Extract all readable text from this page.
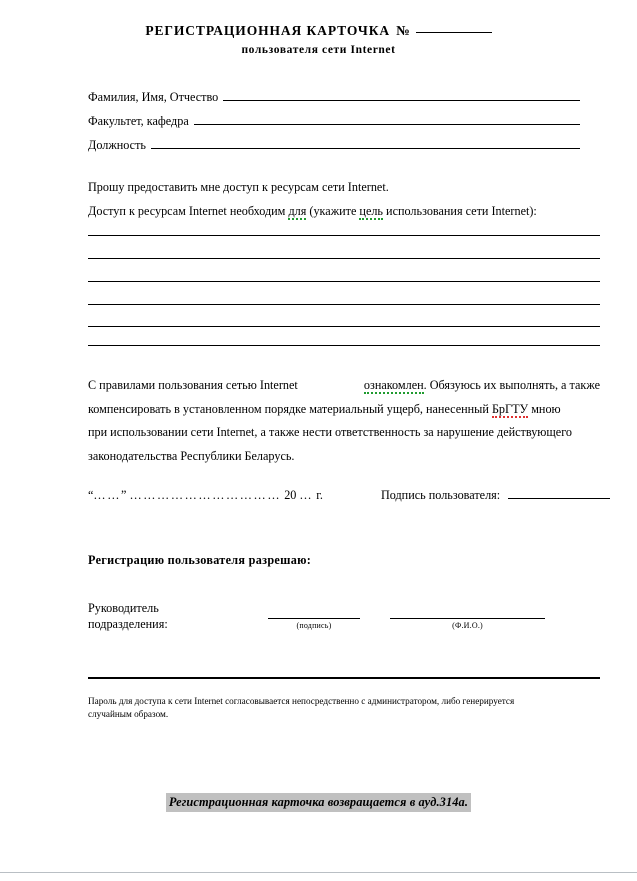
РЕГИСТРАЦИОННАЯ КАРТОЧКА №
пользователя сети Internet
Фамилия, Имя, Отчество
Факультет, кафедра
Должность
Прошу предоставить мне доступ к ресурсам сети Internet.
Доступ к ресурсам Internet необходим для (укажите цель использования сети Internet):
С правилами пользования сетью Internet	ознакомлен. Обязуюсь их выполнять, а также
компенсировать в установленном порядке материальный ущерб, нанесенный БрГТУ мною
при использовании сети Internet, а также нести ответственность за нарушение действующего
законодательства Республики Беларусь.
“……” …………………………… 20 … г.	Подпись пользователя:
Регистрацию пользователя разрешаю:
Руководитель
подразделения:	(подпись)	(Ф.И.О.)
Пароль для доступа к сети Internet согласовывается непосредственно с администратором, либо генерируется
случайным образом.
Регистрационная карточка возвращается в ауд.314а.
